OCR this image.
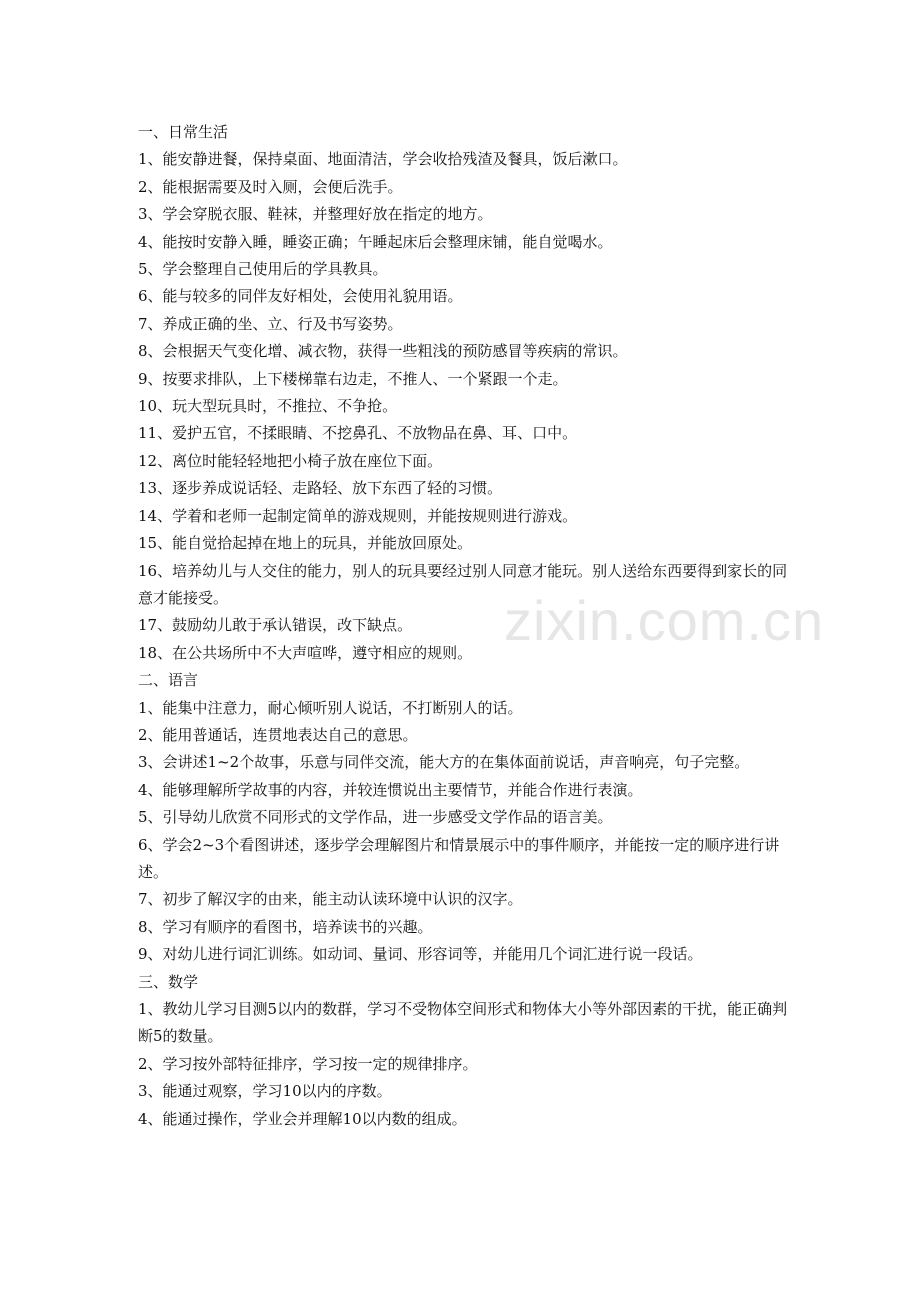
一、日常生活

1、能安静进餐，保持桌面、地面清洁，学会收拾残渣及餐具，饭后漱口。

2、能根据需要及时入厕，会便后洗手。

3、学会穿脱衣服、鞋袜，并整理好放在指定的地方。

4、能按时安静入睡，睡姿正确；午睡起床后会整理床铺，能自觉喝水。

5、学会整理自己使用后的学具教具。

6、能与较多的同伴友好相处，会使用礼貌用语。

7、养成正确的坐、立、行及书写姿势。

8、会根据天气变化增、减衣物，获得一些粗浅的预防感冒等疾病的常识。

9、按要求排队，上下楼梯靠右边走，不推人、一个紧跟一个走。

10、玩大型玩具时，不推拉、不争抢。

11、爱护五官，不揉眼睛、不挖鼻孔、不放物品在鼻、耳、口中。

12、离位时能轻轻地把小椅子放在座位下面。

13、逐步养成说话轻、走路轻、放下东西了轻的习惯。

14、学着和老师一起制定简单的游戏规则，并能按规则进行游戏。

15、能自觉拾起掉在地上的玩具，并能放回原处。

16、培养幼儿与人交住的能力，别人的玩具要经过别人同意才能玩。别人送给东西要得到家长的同意才能接受。

17、鼓励幼儿敢于承认错误，改下缺点。

18、在公共场所中不大声喧哗，遵守相应的规则。

二、语言

1、能集中注意力，耐心倾听别人说话，不打断别人的话。

2、能用普通话，连贯地表达自己的意思。

3、会讲述1~2个故事，乐意与同伴交流，能大方的在集体面前说话，声音响亮，句子完整。

4、能够理解所学故事的内容，并较连惯说出主要情节，并能合作进行表演。

5、引导幼儿欣赏不同形式的文学作品，进一步感受文学作品的语言美。

6、学会2~3个看图讲述，逐步学会理解图片和情景展示中的事件顺序，并能按一定的顺序进行讲述。

7、初步了解汉字的由来，能主动认读环境中认识的汉字。

8、学习有顺序的看图书，培养读书的兴趣。

9、对幼儿进行词汇训练。如动词、量词、形容词等，并能用几个词汇进行说一段话。

三、数学

1、教幼儿学习目测5以内的数群，学习不受物体空间形式和物体大小等外部因素的干扰，能正确判断5的数量。

2、学习按外部特征排序，学习按一定的规律排序。

3、能通过观察，学习10以内的序数。

4、能通过操作，学业会并理解10以内数的组成。

zixin.com.cn
